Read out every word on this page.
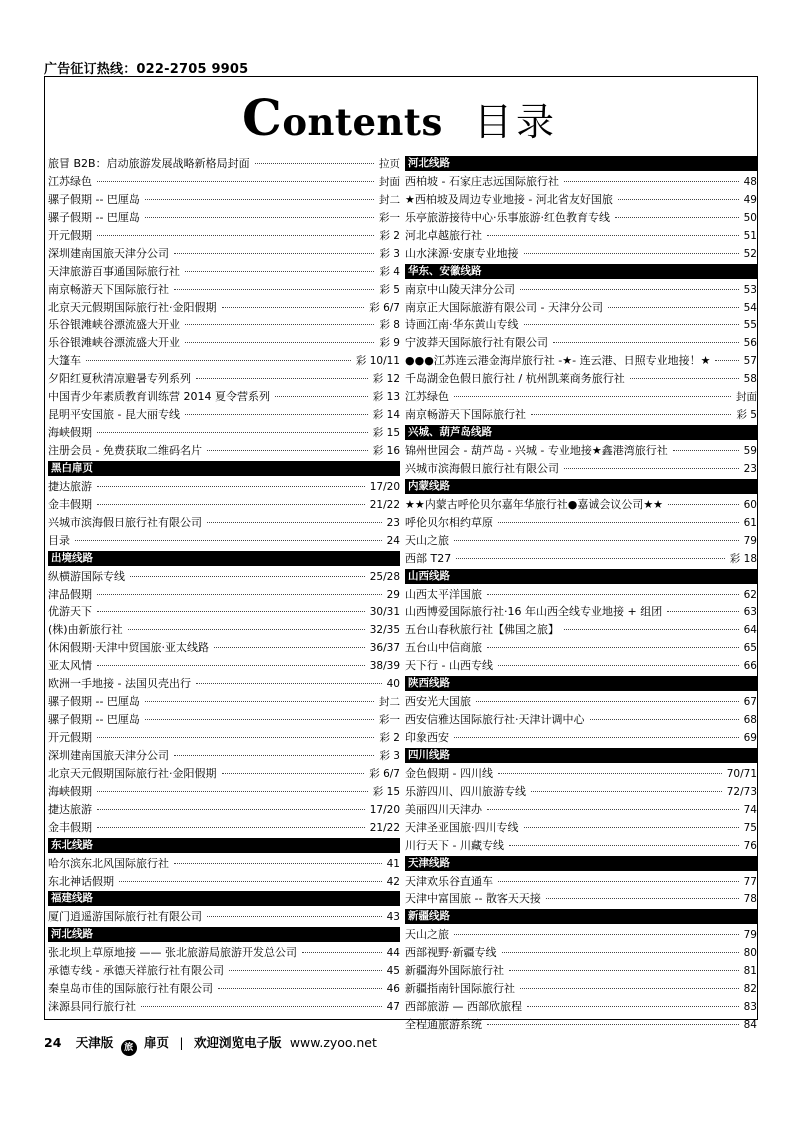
广告征订热线：022-2705 9905
Contents 目录
旅冒 B2B：启动旅游发展战略新格局封面	拉页
江苏绿色	封面
骡子假期 -- 巴厘岛	封二
骡子假期 -- 巴厘岛	彩一
开元假期	彩 2
深圳建南国旅天津分公司	彩 3
天津旅游百事通国际旅行社	彩 4
南京畅游天下国际旅行社	彩 5
北京天元假期国际旅行社·金阳假期	彩 6/7
乐谷银滩峡谷漂流盛大开业	彩 8
乐谷银滩峡谷漂流盛大开业	彩 9
大篷车	彩 10/11
夕阳红夏秋清凉避暑专列系列	彩 12
中国青少年素质教育训练营 2014 夏令营系列	彩 13
昆明平安国旅 - 昆大丽专线	彩 14
海峡假期	彩 15
注册会员 - 免费获取二维码名片	彩 16
黑白扉页
捷达旅游	17/20
金丰假期	21/22
兴城市滨海假日旅行社有限公司	23
目录	24
出境线路
纵横游国际专线	25/28
津品假期	29
优游天下	30/31
(株)由新旅行社	32/35
休闲假期·天津中贸国旅·亚太线路	36/37
亚太风情	38/39
欧洲一手地接 - 法国贝壳出行	40
骡子假期 -- 巴厘岛	封二
骡子假期 -- 巴厘岛	彩一
开元假期	彩 2
深圳建南国旅天津分公司	彩 3
北京天元假期国际旅行社·金阳假期	彩 6/7
海峡假期	彩 15
捷达旅游	17/20
金丰假期	21/22
东北线路
哈尔滨东北风国际旅行社	41
东北神话假期	42
福建线路
厦门逍遥游国际旅行社有限公司	43
河北线路
张北坝上草原地接 —— 张北旅游局旅游开发总公司	44
承德专线 - 承德天祥旅行社有限公司	45
秦皇岛市佳的国际旅行社有限公司	46
涞源县同行旅行社	47
河北线路
西柏坡 - 石家庄志远国际旅行社	48
★西柏坡及周边专业地接 - 河北省友好国旅	49
乐亭旅游接待中心·乐事旅游·红色教育专线	50
河北卓越旅行社	51
山水涞源·安康专业地接	52
华东、安徽线路
南京中山陵天津分公司	53
南京正大国际旅游有限公司 - 天津分公司	54
诗画江南·华东黄山专线	55
宁波莽天国际旅行社有限公司	56
●●●江苏连云港金海岸旅行社 -★- 连云港、日照专业地接！★	57
千岛湖金色假日旅行社 / 杭州凯莱商务旅行社	58
江苏绿色	封面
南京畅游天下国际旅行社	彩 5
兴城、葫芦岛线路
锦州世园会 - 葫芦岛 - 兴城 - 专业地接★鑫港湾旅行社	59
兴城市滨海假日旅行社有限公司	23
内蒙线路
★★内蒙古呼伦贝尔嘉年华旅行社●嘉诚会议公司★★	60
呼伦贝尔相约草原	61
天山之旅	79
西部 T27	彩 18
山西线路
山西太平洋国旅	62
山西博爱国际旅行社·16 年山西全线专业地接 + 组团	63
五台山春秋旅行社【佛国之旅】	64
五台山中信商旅	65
天下行 - 山西专线	66
陕西线路
西安光大国旅	67
西安信雅达国际旅行社·天津计调中心	68
印象西安	69
四川线路
金色假期 - 四川线	70/71
乐游四川、四川旅游专线	72/73
美丽四川天津办	74
天津圣亚国旅·四川专线	75
川行天下 - 川藏专线	76
天津线路
天津欢乐谷直通车	77
天津中富国旅 -- 散客天天接	78
新疆线路
天山之旅	79
西部视野·新疆专线	80
新疆海外国际旅行社	81
新疆指南针国际旅行社	82
西部旅游 — 西部欣旅程	83
全程通旅游系统	84
24 天津版 旅 扉页 | 欢迎浏览电子版 www.zyoo.net
